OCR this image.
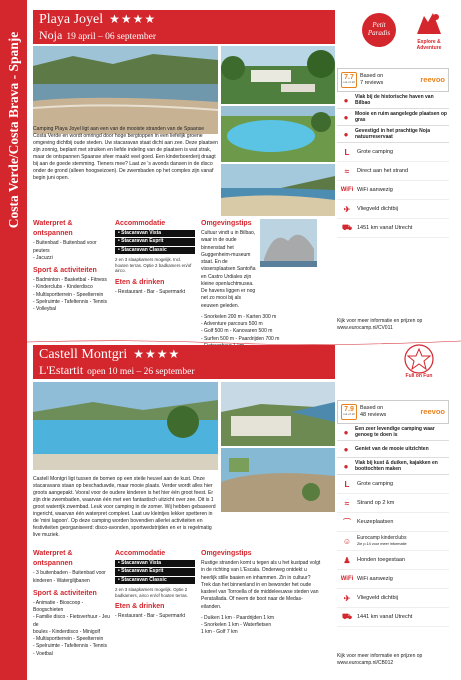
Costa Verde/Costa Brava - Spanje
Playa Joyel ★★★★
Noja 19 april – 06 september
Petit Paradis
Explore & Adventure
Camping Playa Joyel ligt aan een van de mooiste stranden van de Spaanse Costa Verde en wordt omringd door hoge bergtoppen in een liefelijk groene omgeving dichtbij oude steden. Uw stacaravan staat dicht aan zee. Deze plaatsen zijn zonnig, beplant met struiken en liefde indeling van de plaatsen is wat strak, maar de ontspannen Spaanse sfeer maakt veel goed. Een kinderboerderij draagt bij aan de goede stemming. Tieners mee? Laat ze 's avonds dansen in de disco onder de grond (alleen hoogseizoen). De zwembaden op het complex zijn vanaf begin juni open.
Waterpret & ontspannen
- Buitenbad - Buitenbad voor peuters
- Jacuzzi
Sport & activiteiten
- Badminton - Basketbal - Fitness
- Kinderclubs - Kinderdisco
- Multisportterrein - Speelterrein
- Spelruimte - Tafeltennis - Tennis
- Volleybal
Accommodatie
• Stacaravan Vista
• Stacaravan Esprit
• Stacaravan Classic
2 en 3 slaapkamers mogelijk. Incl. houten terras. Optie 2 badkamers en/of airco.
Eten & drinken
- Restaurant - Bar - Supermarkt
Omgevingstips
Cultuur vindt u in Bilbao, waar in de oude binnenstad het Guggenheim-museum staat. En de vissersplaatsen Santoña en Castro Urdiales zijn kleine openluchtmusea. De havens liggen er nog net zo mooi bij als eeuwen geleden.
- Snorkelen 200 m - Karten 300 m
- Adventure parcours 500 m
- Golf 500 m - Kanovaren 500 m
- Surfen 500 m - Paardrijden 700 m
7.7
out of 10
Based on
7 reviews	reevoo
●	Vlak bij de historische haven van Bilbao
●	Mooie en ruim aangelegde plaatsen op gras
●	Gevestigd in het prachtige Noja natuurreservaat
L	Grote camping
≈	Direct aan het strand
WiFi WiFi aanwezig
✈	Vliegveld dichtbij
⛟ 1451 km vanaf Utrecht
Kijk voor meer informatie en prijzen op www.eurocamp.nl/CV011
Castell Montgri ★★★★
L'Estartit open 10 mei – 26 september	Full on Fun
Castell Montgri ligt tussen de bomen op een steile heuvel aan de kust. Onze stacaravans staan op beschaduwde, maar mooie plaats. Verder wordt alles hier groots aangepakt. Vooral voor de oudere kinderen is het hier één groot feest. Er zijn drie zwembaden, waarvan één met een fantastisch uitzicht over zee. Dit is 1 groot waterrijk zwembad. Leuk voor camping in de zomer. Wij hebben gebaseerd ingericht, waarvan één waterpret compleet. Laat uw kleintjes lekker spetteren in de 'mini lagoon'. Op deze camping worden bovendien allerlei activiteiten en festiviteiten georganiseerd: disco-avonden, sportwedstrijden en er is regelmatig live muziek.
Waterpret & ontspannen
- 3 buitenbaden - Buitenbad voor kinderen - Waterglijbanen
Sport & activiteiten
- Animatie - Bioscoop - Boogschieten
- Familie disco - Fietsverhuur - Jeu de
boules - Kinderdisco - Minigolf
- Multisportterrein - Speelterrein
- Spelruimte - Tafeltennis - Tennis
- Voetbal
Accommodatie
• Stacaravan Vista
• Stacaravan Esprit
• Stacaravan Classic
2 en 3 slaapkamers mogelijk. Optie 2 badkamers, airco en/of houten terras.
Eten & drinken
- Restaurant - Bar - Supermarkt
Omgevingstips
Rustige stranden komt u tegen als u het kustpad volgt in de richting van L'Escala. Onderweg ontdekt u heerlijk stille baaien en inhammen. Zin in cultuur? Trek dan het binnenland in en bewonder het oude kasteel van Torroella of de middeleeuwse steden van Peratallada. Of neem de boot naar de Medas-eilanden.
- Duiken 1 km - Paardrijden 1 km
- Snorkelen 1 km - Waterfietsen
1 km - Golf 7 km
7.9
out of 10
Based on
48 reviews	reevoo
●	Een zeer levendige camping waar genoeg te doen is
●	Geniet van de mooie uitzichten
●	Vlak bij kust & duiken, kajakken en boottochten maken
L	Grote camping
≈	Strand op 2 km
⌒	Keuzeplaatsen
☺	Eurocamp kinderclubs
Zie p.14 voor meer informatie
♟	Honden toegestaan
WiFi WiFi aanwezig
✈	Vliegveld dichtbij
⛟ 1441 km vanaf Utrecht
Kijk voor meer informatie en prijzen op www.eurocamp.nl/CB012
124
